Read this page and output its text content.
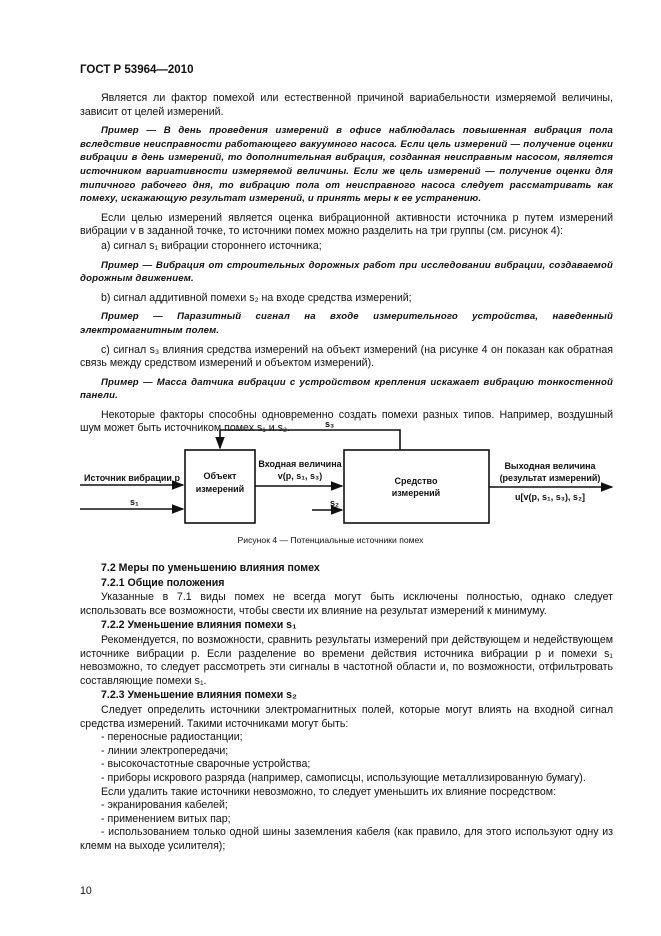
ГОСТ Р 53964—2010

Является ли фактор помехой или естественной причиной вариабельности измеряемой величины, зависит от целей измерений.

Пример — В день проведения измерений в офисе наблюдалась повышенная вибрация пола вследствие неисправности работающего вакуумного насоса. Если цель измерений — получение оценки вибрации в день измерений, то дополнительная вибрация, созданная неисправным насосом, является источником вариативности измеряемой величины. Если же цель измерений — получение оценки для типичного рабочего дня, то вибрацию пола от неисправного насоса следует рассматривать как помеху, искажающую результат измерений, и принять меры к ее устранению.

Если целью измерений является оценка вибрационной активности источника p путем измерений вибрации v в заданной точке, то источники помех можно разделить на три группы (см. рисунок 4):

а) сигнал s₁ вибрации стороннего источника;

Пример — Вибрация от строительных дорожных работ при исследовании вибрации, создаваемой дорожным движением.

b) сигнал аддитивной помехи s₂ на входе средства измерений;

Пример — Паразитный сигнал на входе измерительного устройства, наведенный электромагнитным полем.

с) сигнал s₃ влияния средства измерений на объект измерений (на рисунке 4 он показан как обратная связь между средством измерений и объектом измерений).

Пример — Масса датчика вибрации с устройством крепления искажает вибрацию тонкостенной панели.

Некоторые факторы способны одновременно создать помехи разных типов. Например, воздушный шум может быть источником помех s₁ и s₂.

Объект
измерений
Средство
измерений
Источник вибрации p
s₁
s₃
Входная величина
v(p, s₁, s₃)
s₂
Выходная величина
(результат измерений)
u[v(p, s₁, s₃), s₂]
Рисунок 4 — Потенциальные источники помех

7.2 Меры по уменьшению влияния помех

7.2.1 Общие положения

Указанные в 7.1 виды помех не всегда могут быть исключены полностью, однако следует использовать все возможности, чтобы свести их влияние на результат измерений к минимуму.

7.2.2 Уменьшение влияния помехи s₁

Рекомендуется, по возможности, сравнить результаты измерений при действующем и недействующем источнике вибрации p. Если разделение во времени действия источника вибрации p и помехи s₁ невозможно, то следует рассмотреть эти сигналы в частотной области и, по возможности, отфильтровать составляющие помехи s₁.

7.2.3 Уменьшение влияния помехи s₂

Следует определить источники электромагнитных полей, которые могут влиять на входной сигнал средства измерений. Такими источниками могут быть:

- переносные радиостанции;

- линии электропередачи;

- высокочастотные сварочные устройства;

- приборы искрового разряда (например, самописцы, использующие металлизированную бумагу).

Если удалить такие источники невозможно, то следует уменьшить их влияние посредством:

- экранирования кабелей;

- применением витых пар;

- использованием только одной шины заземления кабеля (как правило, для этого используют одну из клемм на выходе усилителя);

10
